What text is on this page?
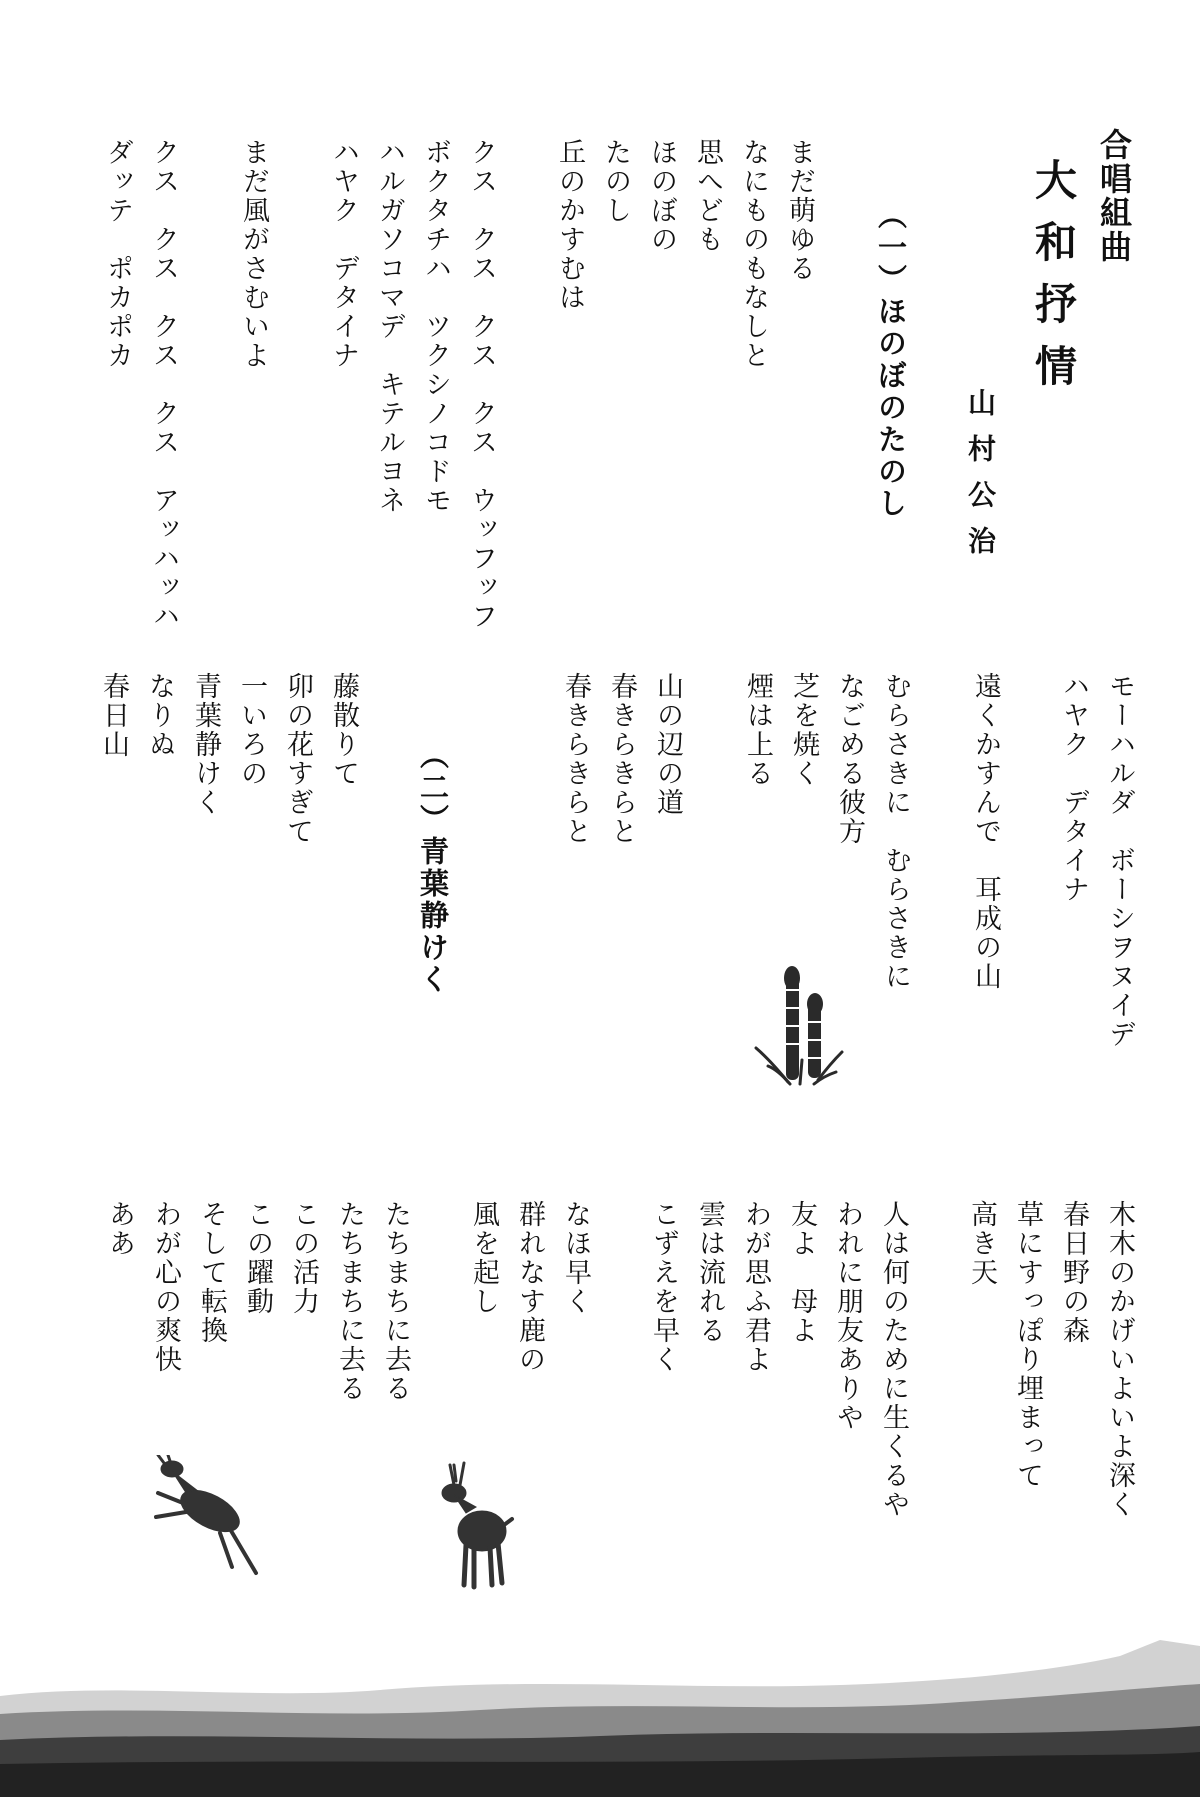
合唱組曲
大和抒情
山村公治
（一）ほのぼのたのし
まだ萌ゆる
なにものもなしと
思へども
ほのぼの
たのし
丘のかすむは
クス　クス　クス　クス　ウッフッフ
ボクタチハ　ツクシノコドモ
ハルガソコマデ　キテルヨネ
ハヤク　デタイナ
まだ風がさむいよ
クス　クス　クス　クス　アッハッハ
ダッテ　ポカポカ
モーハルダ　ボーシヲヌイデ
ハヤク　デタイナ
遠くかすんで　耳成の山
むらさきに　むらさきに
なごめる彼方
芝を焼く
煙は上る
山の辺の道
春きらきらと
春きらきらと
（二）青葉静けく
藤散りて
卯の花すぎて
一いろの
青葉静けく
なりぬ
春日山
木木のかげいよいよ深く
春日野の森
草にすっぽり埋まって
高き天
人は何のために生くるや
われに朋友ありや
友よ　母よ
わが思ふ君よ
雲は流れる
こずえを早く
なほ早く
群れなす鹿の
風を起し
たちまちに去る
たちまちに去る
この活力
この躍動
そして転換
わが心の爽快
ああ
